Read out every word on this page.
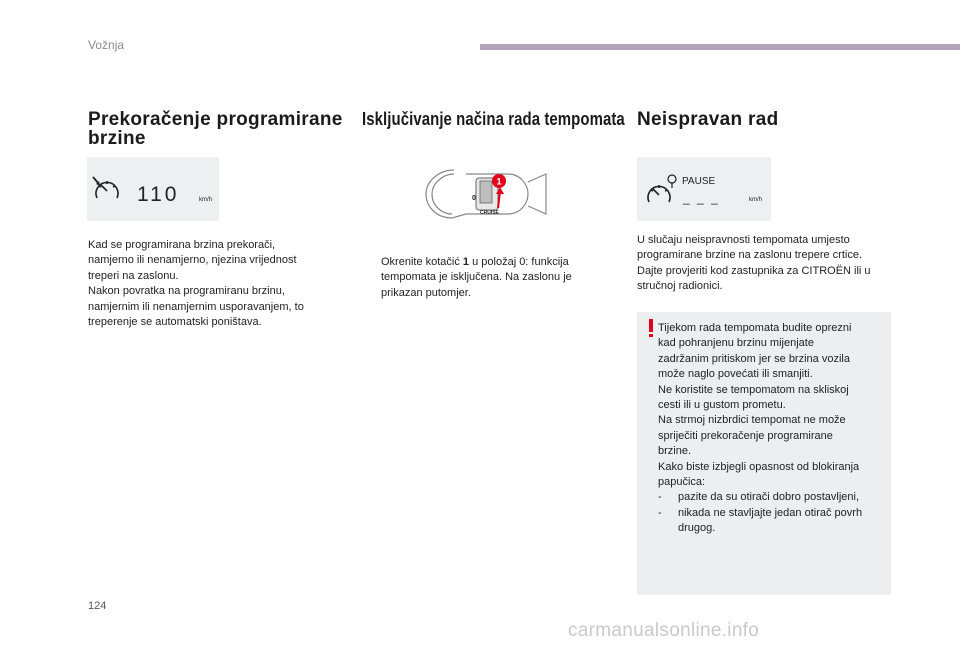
Vožnja
Prekoračenje programirane
brzine
110	km/h

Kad se programirana brzina prekorači,

namjerno ili nenamjerno, njezina vrijednost

treperi na zaslonu.

Nakon povratka na programiranu brzinu,

namjernim ili nenamjernim usporavanjem, to

treperenje se automatski poništava.

Isključivanje načina rada tempomata
0
CRUISE
1

Okrenite kotačić 1 u položaj 0: funkcija

tempomata je isključena. Na zaslonu je

prikazan putomjer.

Neispravan rad
PAUSE
_ _ _	km/h

U slučaju neispravnosti tempomata umjesto

programirane brzine na zaslonu trepere crtice.

Dajte provjeriti kod zastupnika za CITROËN ili u

stručnoj radionici.

Tijekom rada tempomata budite oprezni

kad pohranjenu brzinu mijenjate

zadržanim pritiskom jer se brzina vozila

može naglo povećati ili smanjiti.

Ne koristite se tempomatom na skliskoj

cesti ili u gustom prometu.

Na strmoj nizbrdici tempomat ne može

spriječiti prekoračenje programirane

brzine.

Kako biste izbjegli opasnost od blokiranja

papučica:

-	pazite da su otirači dobro postavljeni,

-	nikada ne stavljajte jedan otirač povrh

drugog.

124
carmanualsonline.info
